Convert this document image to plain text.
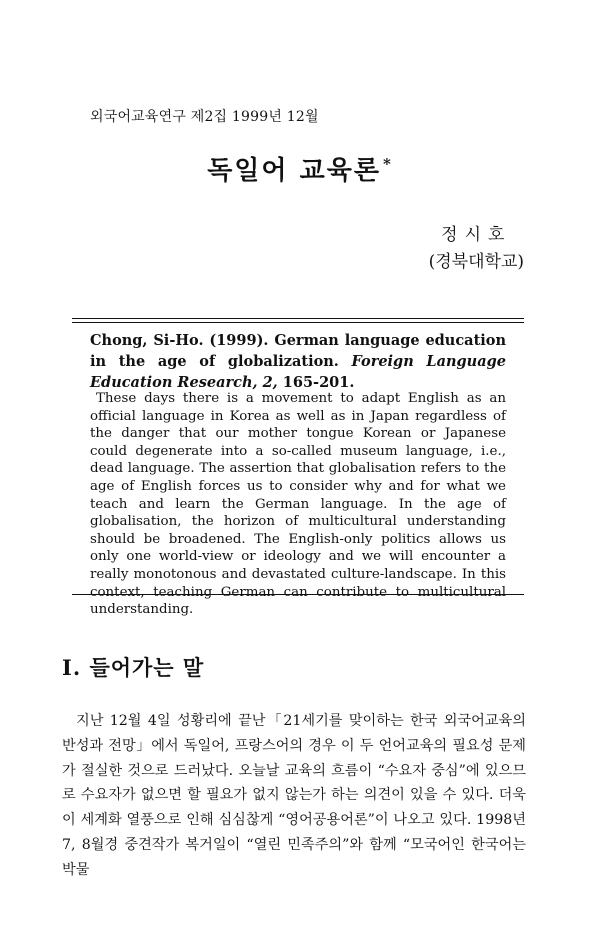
외국어교육연구 제2집 1999년 12월
독일어 교육론 *
정시호
(경북대학교)
Chong, Si-Ho. (1999). German language education in the age of globalization. Foreign Language Education Research, 2, 165-201.
These days there is a movement to adapt English as an official language in Korea as well as in Japan regardless of the danger that our mother tongue Korean or Japanese could degenerate into a so-called museum language, i.e., dead language. The assertion that globalisation refers to the age of English forces us to consider why and for what we teach and learn the German language. In the age of globalisation, the horizon of multicultural understanding should be broadened. The English-only politics allows us only one world-view or ideology and we will encounter a really monotonous and devastated culture-landscape. In this context, teaching German can contribute to multicultural understanding.
I. 들어가는 말
지난 12월 4일 성황리에 끝난「21세기를 맞이하는 한국 외국어교육의 반성과 전망」에서 독일어, 프랑스어의 경우 이 두 언어교육의 필요성 문제가 절실한 것으로 드러났다. 오늘날 교육의 흐름이 “수요자 중심”에 있으므로 수요자가 없으면 할 필요가 없지 않는가 하는 의견이 있을 수 있다. 더욱이 세계화 열풍으로 인해 심심찮게 “영어공용어론”이 나오고 있다. 1998년 7, 8월경 중견작가 복거일이 “열린 민족주의”와 함께 “모국어인 한국어는 박물
